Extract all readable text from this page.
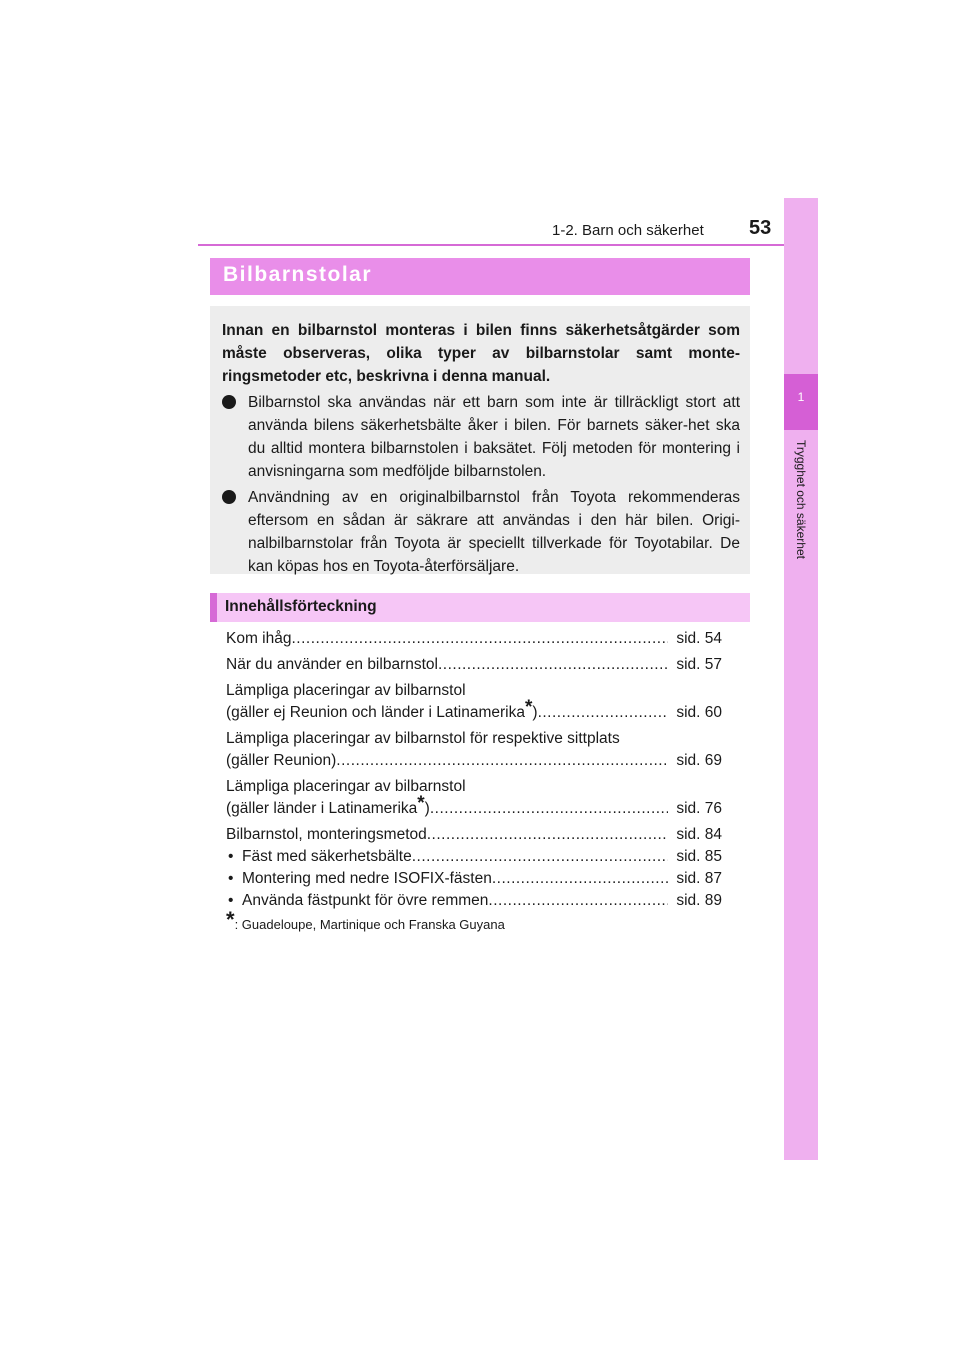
1-2. Barn och säkerhet 53
1
Trygghet och säkerhet
Bilbarnstolar
Innan en bilbarnstol monteras i bilen finns säkerhetsåtgärder som måste observeras, olika typer av bilbarnstolar samt monte-ringsmetoder etc, beskrivna i denna manual.
Bilbarnstol ska användas när ett barn som inte är tillräckligt stort att använda bilens säkerhetsbälte åker i bilen. För barnets säker-het ska du alltid montera bilbarnstolen i baksätet. Följ metoden för montering i anvisningarna som medföljde bilbarnstolen.
Användning av en originalbilbarnstol från Toyota rekommenderas eftersom en sådan är säkrare att användas i den här bilen. Origi-nalbilbarnstolar från Toyota är speciellt tillverkade för Toyotabilar. De kan köpas hos en Toyota-återförsäljare.
Innehållsförteckning
Kom ihåg .....	sid. 54
När du använder en bilbarnstol .....	sid. 57
Lämpliga placeringar av bilbarnstol
(gäller ej Reunion och länder i Latinamerika*) .....	sid. 60
Lämpliga placeringar av bilbarnstol för respektive sittplats
(gäller Reunion) .....	sid. 69
Lämpliga placeringar av bilbarnstol
(gäller länder i Latinamerika*) .....	sid. 76
Bilbarnstol, monteringsmetod .....	sid. 84
• Fäst med säkerhetsbälte .....	sid. 85
• Montering med nedre ISOFIX-fästen .....	sid. 87
• Använda fästpunkt för övre remmen .....	sid. 89
*: Guadeloupe, Martinique och Franska Guyana
